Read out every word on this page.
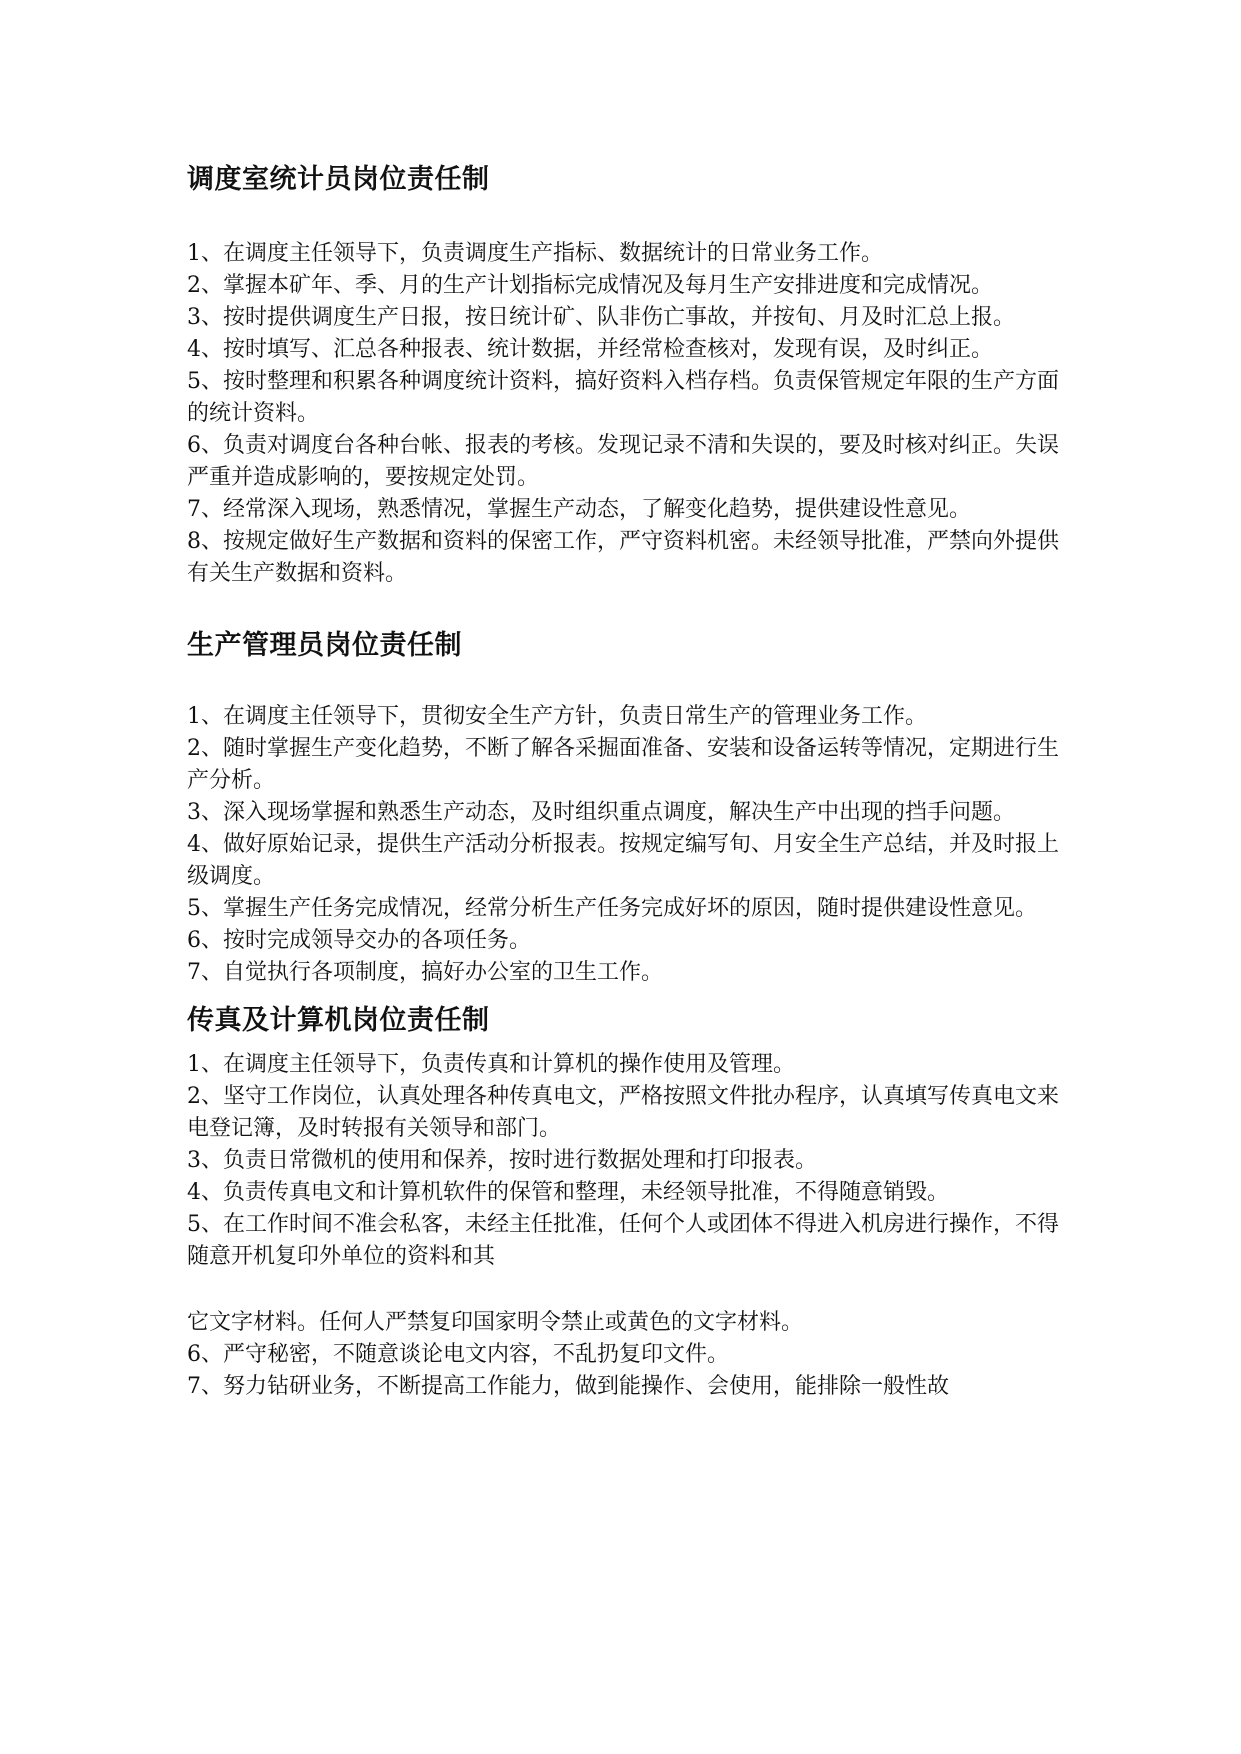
调度室统计员岗位责任制
1、在调度主任领导下，负责调度生产指标、数据统计的日常业务工作。
2、掌握本矿年、季、月的生产计划指标完成情况及每月生产安排进度和完成情况。
3、按时提供调度生产日报，按日统计矿、队非伤亡事故，并按旬、月及时汇总上报。
4、按时填写、汇总各种报表、统计数据，并经常检查核对，发现有误，及时纠正。
5、按时整理和积累各种调度统计资料，搞好资料入档存档。负责保管规定年限的生产方面的统计资料。
6、负责对调度台各种台帐、报表的考核。发现记录不清和失误的，要及时核对纠正。失误严重并造成影响的，要按规定处罚。
7、经常深入现场，熟悉情况，掌握生产动态，了解变化趋势，提供建设性意见。
8、按规定做好生产数据和资料的保密工作，严守资料机密。未经领导批准，严禁向外提供有关生产数据和资料。
生产管理员岗位责任制
1、在调度主任领导下，贯彻安全生产方针，负责日常生产的管理业务工作。
2、随时掌握生产变化趋势，不断了解各采掘面准备、安装和设备运转等情况，定期进行生产分析。
3、深入现场掌握和熟悉生产动态，及时组织重点调度，解决生产中出现的挡手问题。
4、做好原始记录，提供生产活动分析报表。按规定编写旬、月安全生产总结，并及时报上级调度。
5、掌握生产任务完成情况，经常分析生产任务完成好坏的原因，随时提供建设性意见。
6、按时完成领导交办的各项任务。
7、自觉执行各项制度，搞好办公室的卫生工作。
传真及计算机岗位责任制
1、在调度主任领导下，负责传真和计算机的操作使用及管理。
2、坚守工作岗位，认真处理各种传真电文，严格按照文件批办程序，认真填写传真电文来电登记簿，及时转报有关领导和部门。
3、负责日常微机的使用和保养，按时进行数据处理和打印报表。
4、负责传真电文和计算机软件的保管和整理，未经领导批准，不得随意销毁。
5、在工作时间不准会私客，未经主任批准，任何个人或团体不得进入机房进行操作，不得随意开机复印外单位的资料和其
它文字材料。任何人严禁复印国家明令禁止或黄色的文字材料。
6、严守秘密，不随意谈论电文内容，不乱扔复印文件。
7、努力钻研业务，不断提高工作能力，做到能操作、会使用，能排除一般性故
